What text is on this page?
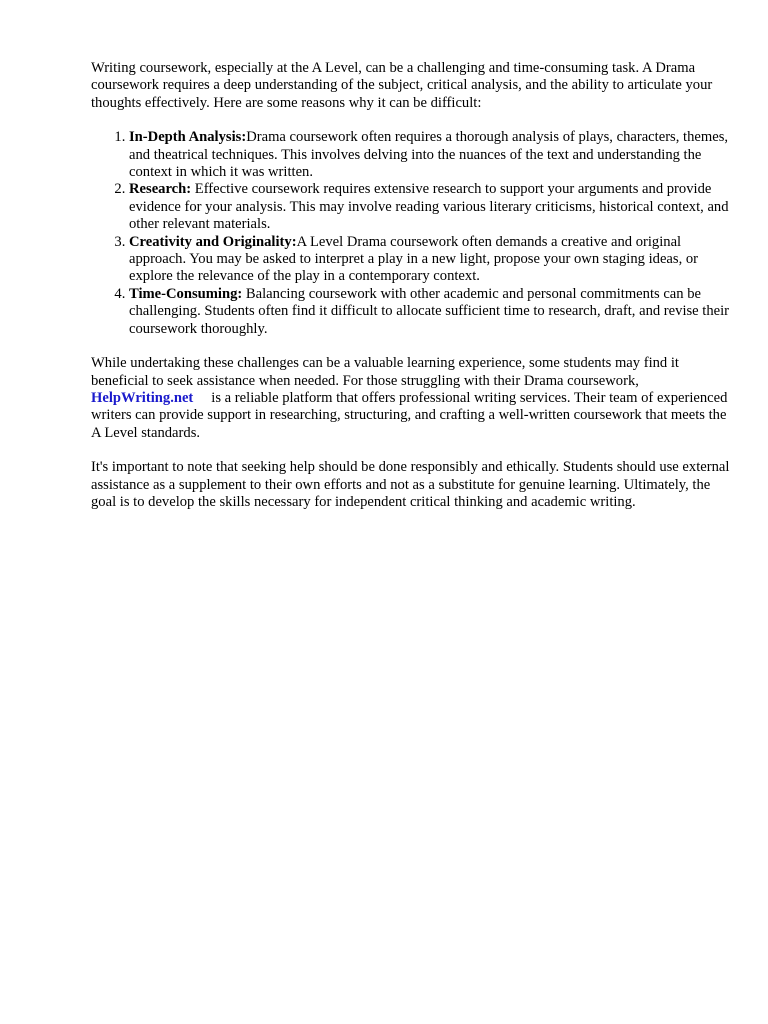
Writing coursework, especially at the A Level, can be a challenging and time-consuming task. A Drama coursework requires a deep understanding of the subject, critical analysis, and the ability to articulate your thoughts effectively. Here are some reasons why it can be difficult:

1. In-Depth Analysis:Drama coursework often requires a thorough analysis of plays, characters, themes, and theatrical techniques. This involves delving into the nuances of the text and understanding the context in which it was written.
2. Research: Effective coursework requires extensive research to support your arguments and provide evidence for your analysis. This may involve reading various literary criticisms, historical context, and other relevant materials.
3. Creativity and Originality:A Level Drama coursework often demands a creative and original approach. You may be asked to interpret a play in a new light, propose your own staging ideas, or explore the relevance of the play in a contemporary context.
4. Time-Consuming: Balancing coursework with other academic and personal commitments can be challenging. Students often find it difficult to allocate sufficient time to research, draft, and revise their coursework thoroughly.

While undertaking these challenges can be a valuable learning experience, some students may find it beneficial to seek assistance when needed. For those struggling with their Drama coursework, HelpWriting.net is a reliable platform that offers professional writing services. Their team of experienced writers can provide support in researching, structuring, and crafting a well-written coursework that meets the A Level standards.

It's important to note that seeking help should be done responsibly and ethically. Students should use external assistance as a supplement to their own efforts and not as a substitute for genuine learning. Ultimately, the goal is to develop the skills necessary for independent critical thinking and academic writing.
